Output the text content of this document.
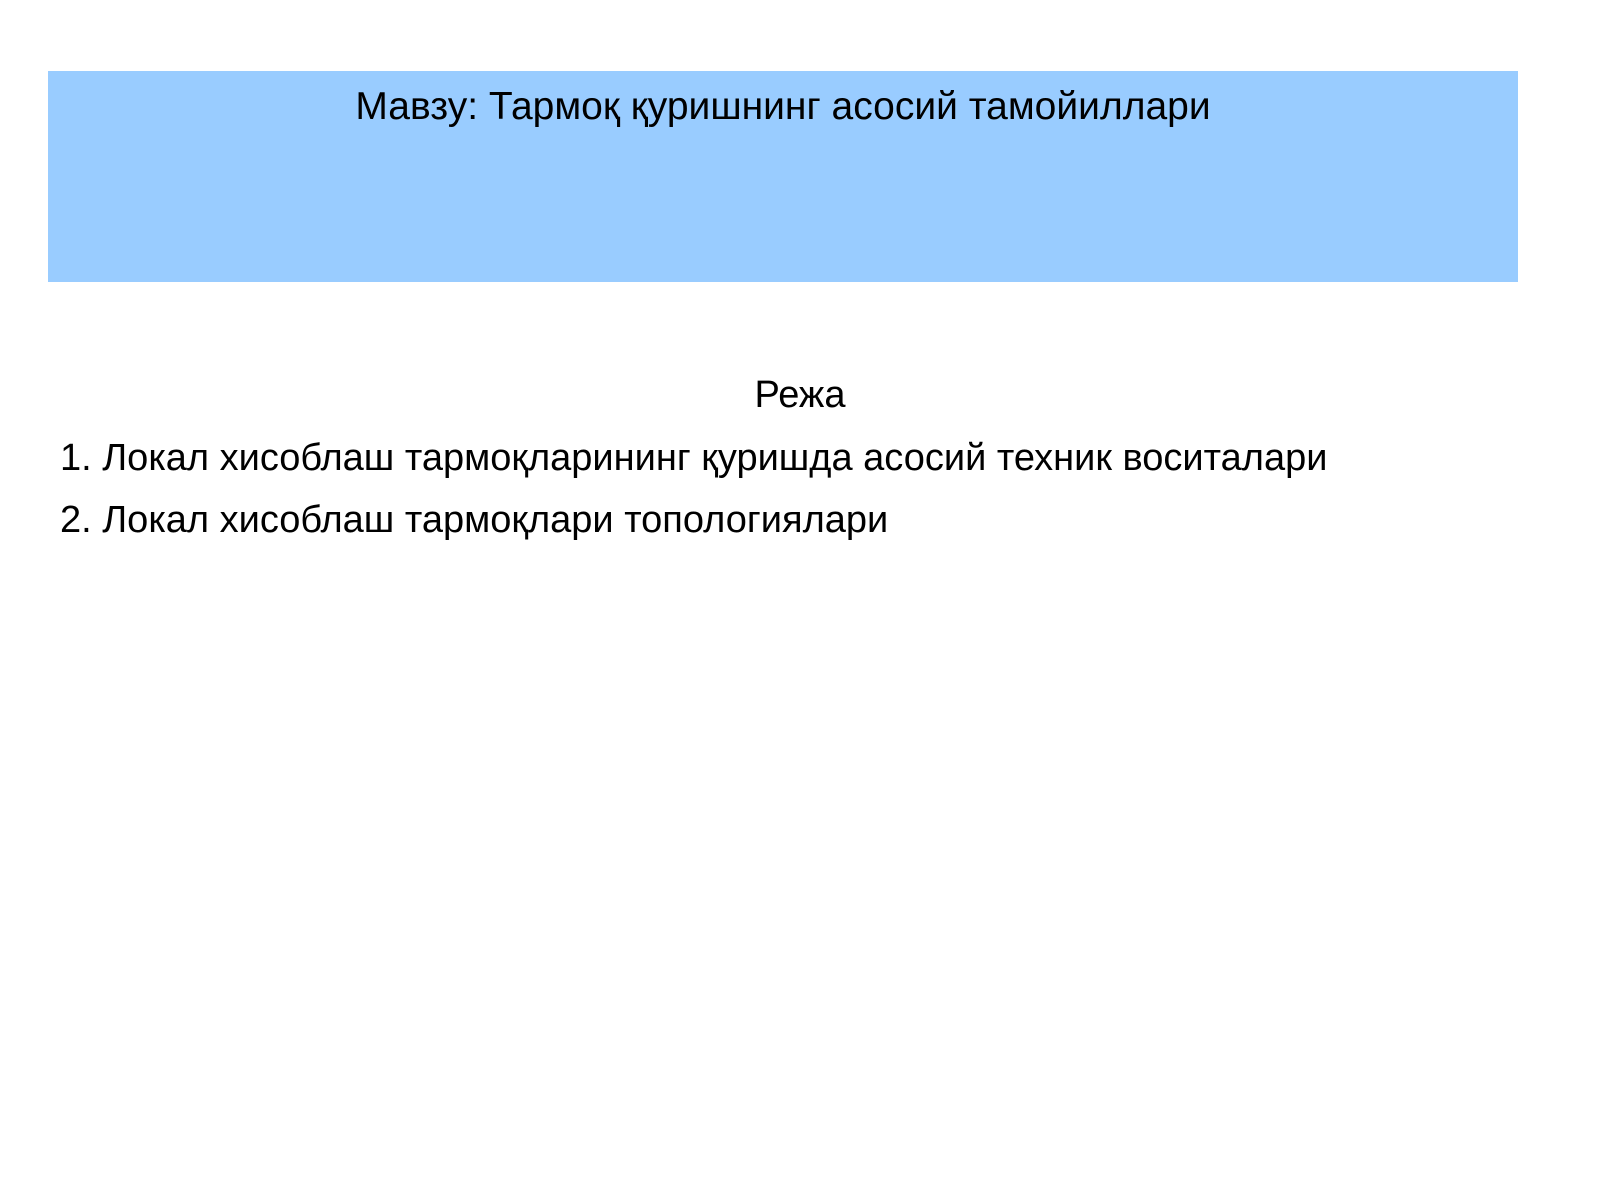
Мавзу: Тармоқ қуришнинг асосий тамойиллари
Режа
1. Локал хисоблаш тармоқларининг қуришда асосий техник воситалари
2. Локал хисоблаш тармоқлари топологиялари
